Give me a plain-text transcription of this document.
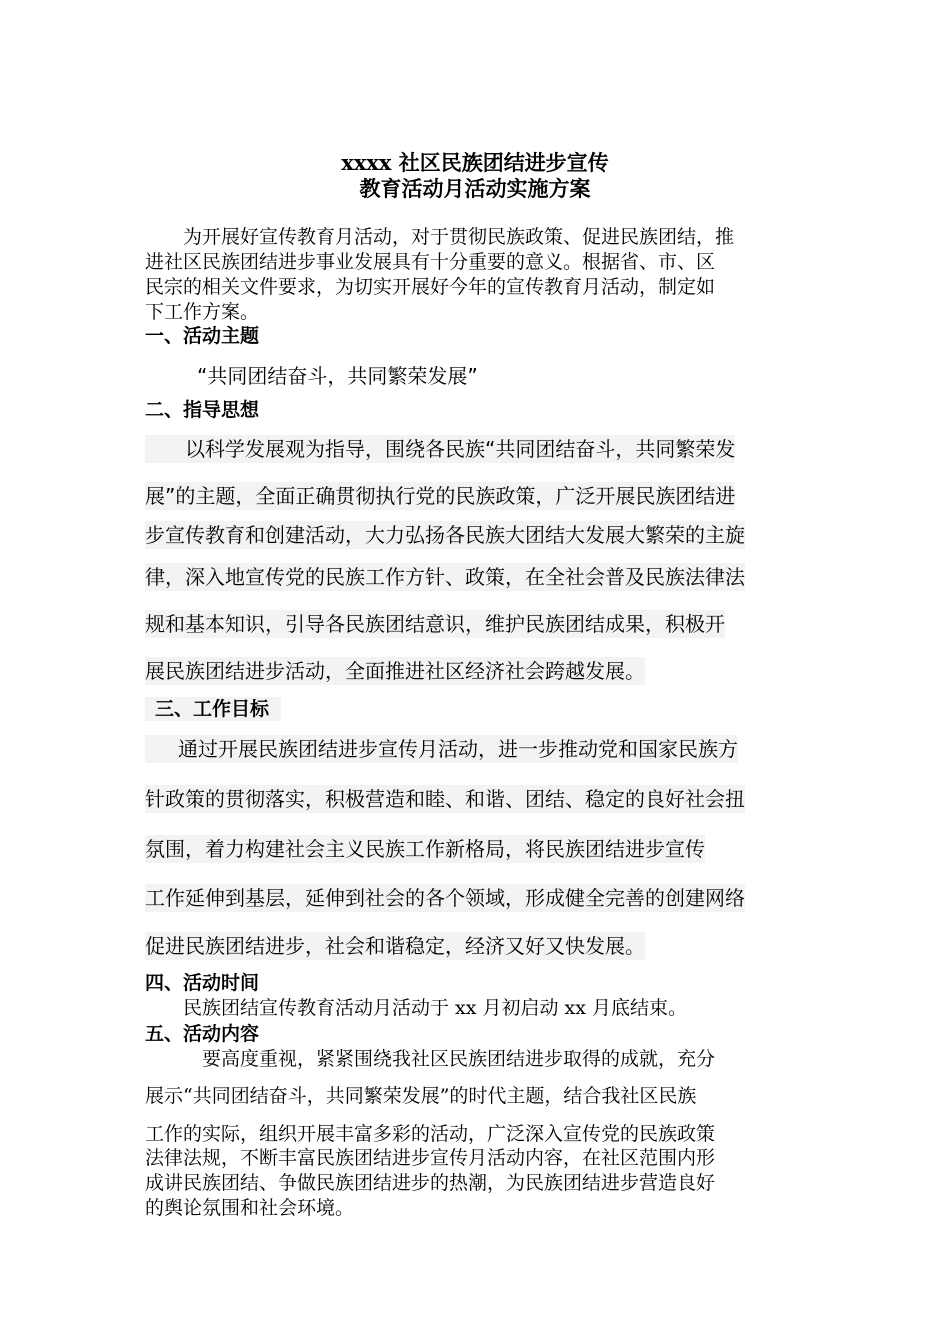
xxxx 社区民族团结进步宣传
教育活动月活动实施方案
为开展好宣传教育月活动，对于贯彻民族政策、促进民族团结，推
进社区民族团结进步事业发展具有十分重要的意义。根据省、市、区
民宗的相关文件要求，为切实开展好今年的宣传教育月活动，制定如
下工作方案。
一、活动主题
“共同团结奋斗，共同繁荣发展”
二、指导思想
以科学发展观为指导，围绕各民族“共同团结奋斗，共同繁荣发
展”的主题，全面正确贯彻执行党的民族政策，广泛开展民族团结进
步宣传教育和创建活动，大力弘扬各民族大团结大发展大繁荣的主旋
律，深入地宣传党的民族工作方针、政策，在全社会普及民族法律法
规和基本知识，引导各民族团结意识，维护民族团结成果，积极开
展民族团结进步活动，全面推进社区经济社会跨越发展。
三、工作目标
通过开展民族团结进步宣传月活动，进一步推动党和国家民族方
针政策的贯彻落实，积极营造和睦、和谐、团结、稳定的良好社会扭
氛围，着力构建社会主义民族工作新格局，将民族团结进步宣传
工作延伸到基层，延伸到社会的各个领域，形成健全完善的创建网络
促进民族团结进步，社会和谐稳定，经济又好又快发展。
四、活动时间
民族团结宣传教育活动月活动于 xx 月初启动 xx 月底结束。
五、活动内容
要高度重视，紧紧围绕我社区民族团结进步取得的成就，充分
展示“共同团结奋斗，共同繁荣发展”的时代主题，结合我社区民族
工作的实际，组织开展丰富多彩的活动，广泛深入宣传党的民族政策
法律法规，不断丰富民族团结进步宣传月活动内容，在社区范围内形
成讲民族团结、争做民族团结进步的热潮，为民族团结进步营造良好
的舆论氛围和社会环境。
